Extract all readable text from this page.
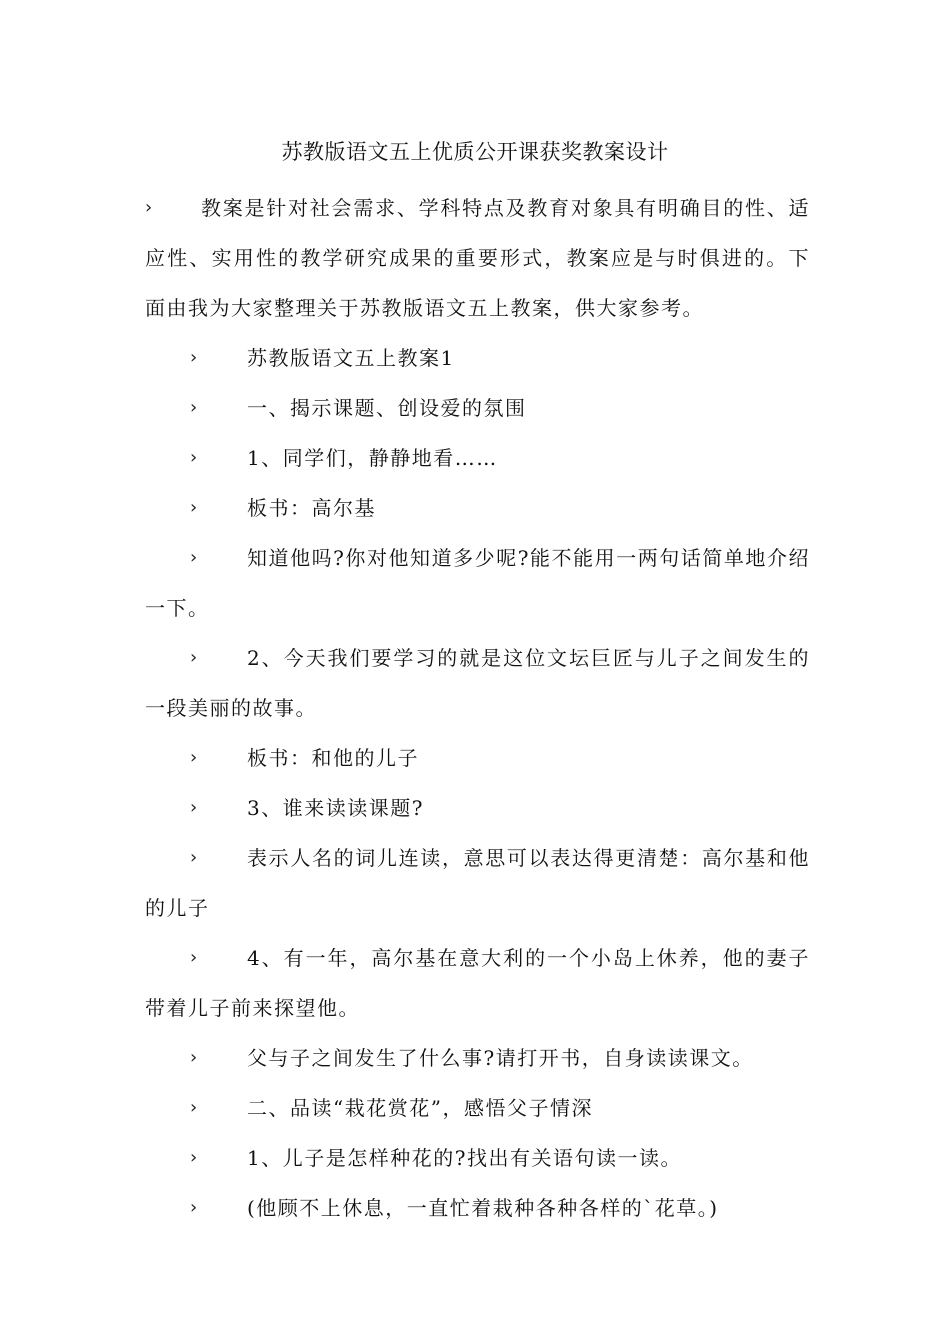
苏教版语文五上优质公开课获奖教案设计

› 教案是针对社会需求、学科特点及教育对象具有明确目的性、适应性、实用性的教学研究成果的重要形式，教案应是与时俱进的。下面由我为大家整理关于苏教版语文五上教案，供大家参考。

› 苏教版语文五上教案1

› 一、揭示课题、创设爱的氛围

› 1、同学们，静静地看……

› 板书：高尔基

› 知道他吗?你对他知道多少呢?能不能用一两句话简单地介绍一下。

› 2、今天我们要学习的就是这位文坛巨匠与儿子之间发生的一段美丽的故事。

› 板书：和他的儿子

› 3、谁来读读课题?

› 表示人名的词儿连读，意思可以表达得更清楚：高尔基和他的儿子

› 4、有一年，高尔基在意大利的一个小岛上休养，他的妻子带着儿子前来探望他。

› 父与子之间发生了什么事?请打开书，自身读读课文。

› 二、品读“栽花赏花”，感悟父子情深

› 1、儿子是怎样种花的?找出有关语句读一读。

› (他顾不上休息，一直忙着栽种各种各样的`花草。)
